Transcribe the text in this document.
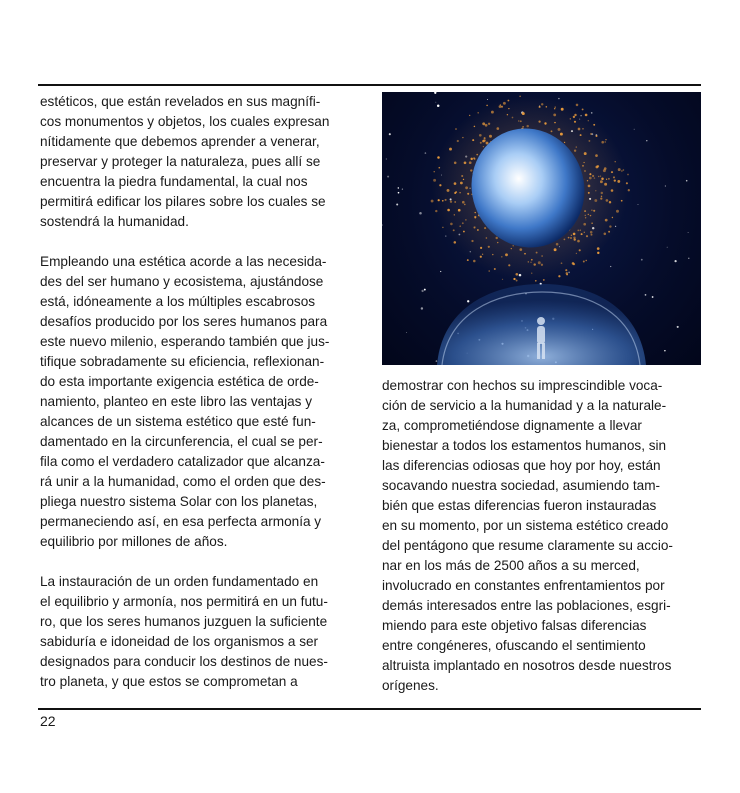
estéticos, que están revelados en sus magnífi-
cos monumentos y objetos, los cuales expresan
nítidamente que debemos aprender a venerar,
preservar y proteger la naturaleza, pues allí se
encuentra la piedra fundamental, la cual nos
permitirá edificar los pilares sobre los cuales se
sostendrá la humanidad.

Empleando una estética acorde a las necesida-
des del ser humano y ecosistema, ajustándose
está, idóneamente a los múltiples escabrosos
desafíos producido por los seres humanos para
este nuevo milenio, esperando también que jus-
tifique sobradamente su eficiencia, reflexionan-
do esta importante exigencia estética de orde-
namiento, planteo en este libro las ventajas y
alcances de un sistema estético que esté fun-
damentado en la circunferencia, el cual se per-
fila como el verdadero catalizador que alcanza-
rá unir a la humanidad, como el orden que des-
pliega nuestro sistema Solar con los planetas,
permaneciendo así, en esa perfecta armonía y
equilibrio por millones de años.

La instauración de un orden fundamentado en
el equilibrio y armonía, nos permitirá en un futu-
ro, que los seres humanos juzguen la suficiente
sabiduría e idoneidad de los organismos a ser
designados para conducir los destinos de nues-
tro planeta, y que estos se comprometan a

demostrar con hechos su imprescindible voca-
ción de servicio a la humanidad y a la naturale-
za, comprometiéndose dignamente a llevar
bienestar a todos los estamentos humanos, sin
las diferencias odiosas que hoy por hoy, están
socavando nuestra sociedad, asumiendo tam-
bién que estas diferencias fueron instauradas
en su momento, por un sistema estético creado
del pentágono que resume claramente su accio-
nar en los más de 2500 años a su merced,
involucrado en constantes enfrentamientos por
demás interesados entre las poblaciones, esgri-
miendo para este objetivo falsas diferencias
entre congéneres, ofuscando el sentimiento
altruista implantado en nosotros desde nuestros
orígenes.

22
